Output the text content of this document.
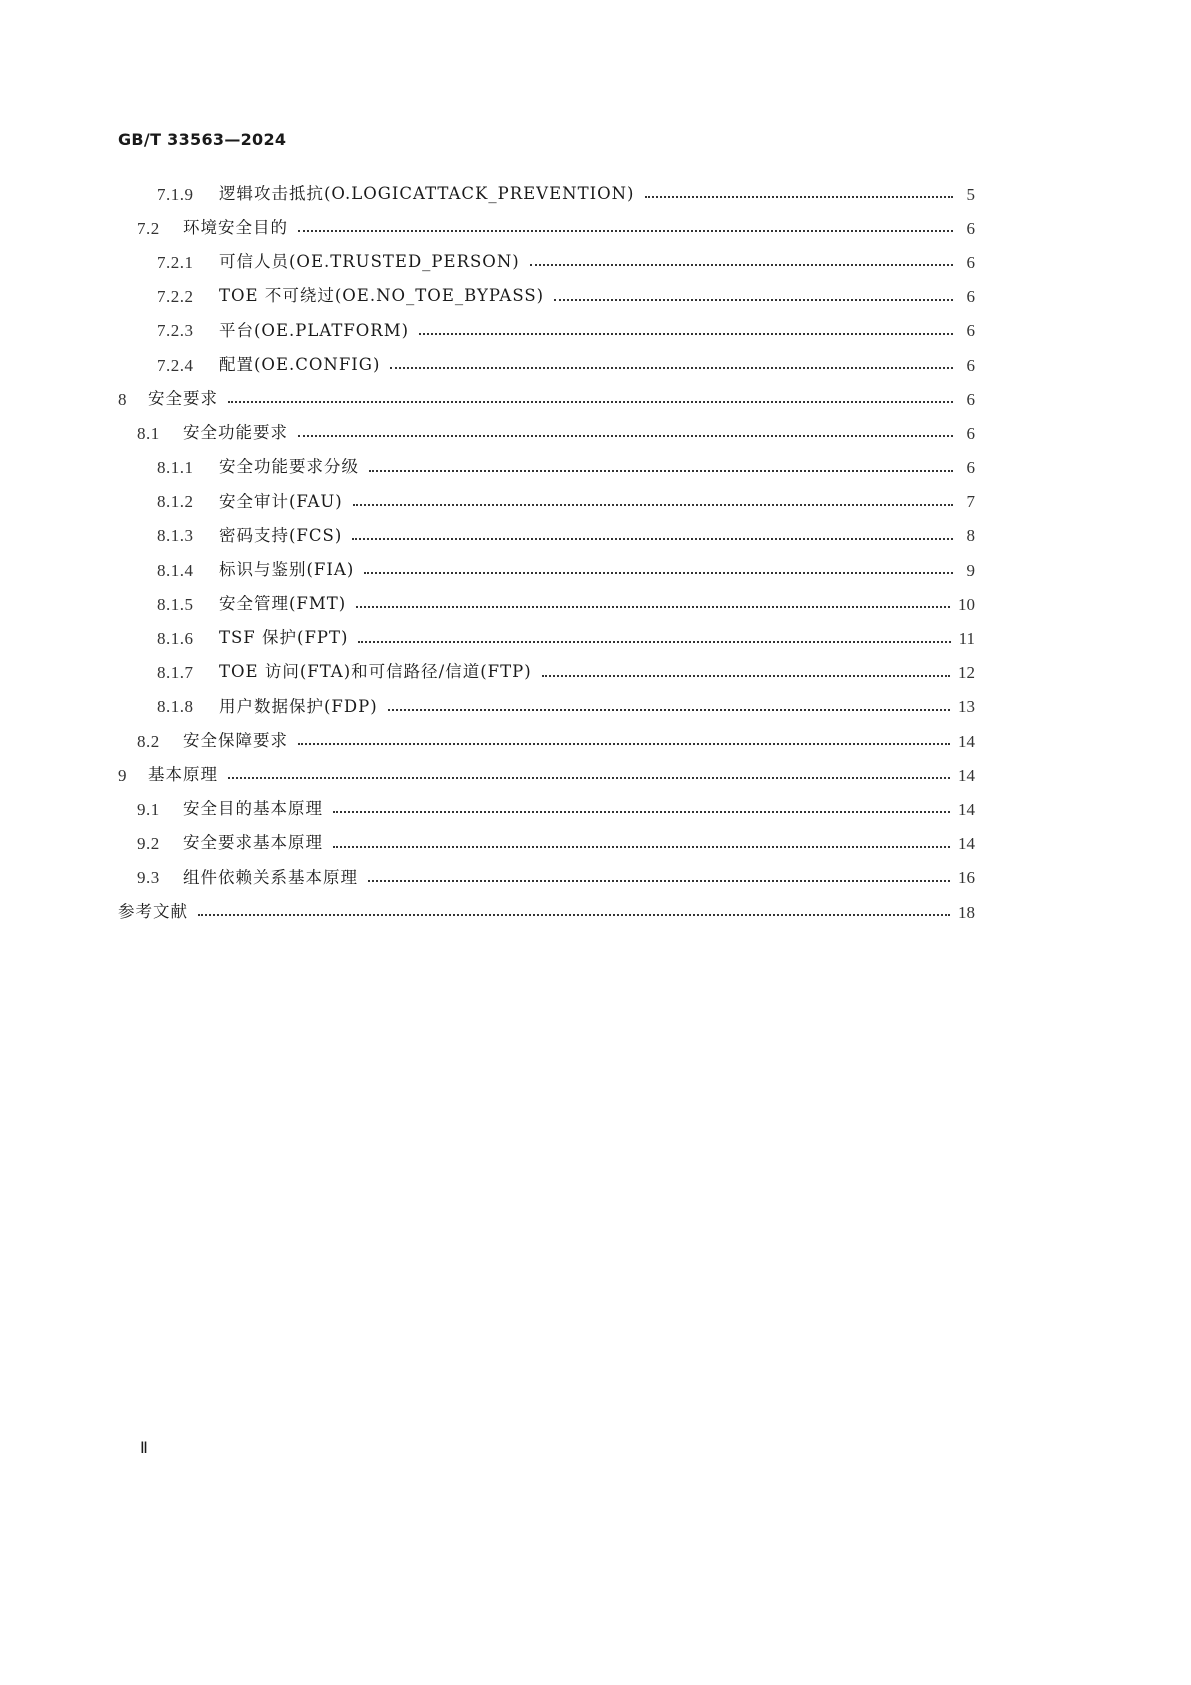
GB/T 33563—2024
7.1.9	逻辑攻击抵抗(O.LOGICATTACK_PREVENTION)	5
7.2	环境安全目的	6
7.2.1	可信人员(OE.TRUSTED_PERSON)	6
7.2.2	TOE 不可绕过(OE.NO_TOE_BYPASS)	6
7.2.3	平台(OE.PLATFORM)	6
7.2.4	配置(OE.CONFIG)	6
8	安全要求	6
8.1	安全功能要求	6
8.1.1	安全功能要求分级	6
8.1.2	安全审计(FAU)	7
8.1.3	密码支持(FCS)	8
8.1.4	标识与鉴别(FIA)	9
8.1.5	安全管理(FMT)	10
8.1.6	TSF 保护(FPT)	11
8.1.7	TOE 访问(FTA)和可信路径/信道(FTP)	12
8.1.8	用户数据保护(FDP)	13
8.2	安全保障要求	14
9	基本原理	14
9.1	安全目的基本原理	14
9.2	安全要求基本原理	14
9.3	组件依赖关系基本原理	16
参考文献	18
Ⅱ
